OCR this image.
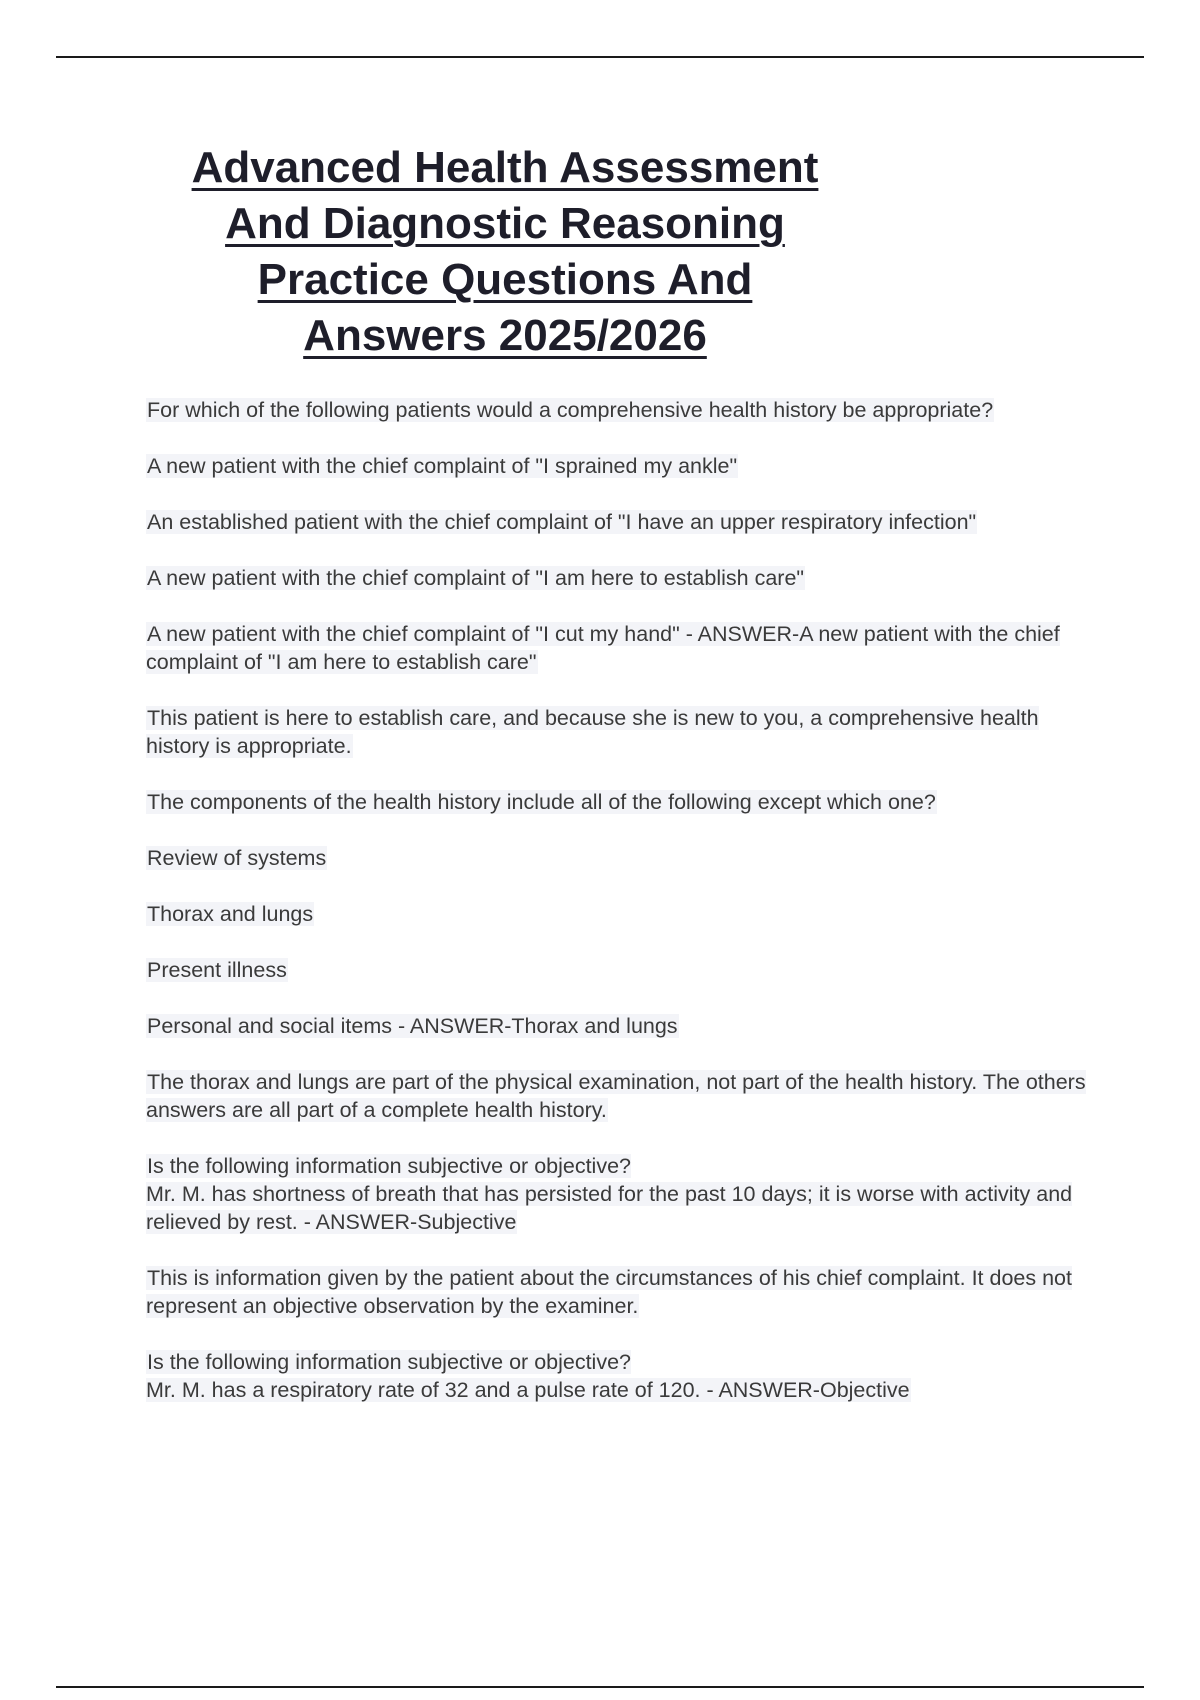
Advanced Health Assessment
And Diagnostic Reasoning
Practice Questions And
Answers 2025/2026

For which of the following patients would a comprehensive health history be appropriate?

A new patient with the chief complaint of "I sprained my ankle"

An established patient with the chief complaint of "I have an upper respiratory infection"

A new patient with the chief complaint of "I am here to establish care"

A new patient with the chief complaint of "I cut my hand" - ANSWER-A new patient with the chief complaint of "I am here to establish care"

This patient is here to establish care, and because she is new to you, a comprehensive health history is appropriate.

The components of the health history include all of the following except which one?

Review of systems

Thorax and lungs

Present illness

Personal and social items - ANSWER-Thorax and lungs

The thorax and lungs are part of the physical examination, not part of the health history. The others answers are all part of a complete health history.

Is the following information subjective or objective?
Mr. M. has shortness of breath that has persisted for the past 10 days; it is worse with activity and relieved by rest. - ANSWER-Subjective

This is information given by the patient about the circumstances of his chief complaint. It does not represent an objective observation by the examiner.

Is the following information subjective or objective?
Mr. M. has a respiratory rate of 32 and a pulse rate of 120. - ANSWER-Objective
